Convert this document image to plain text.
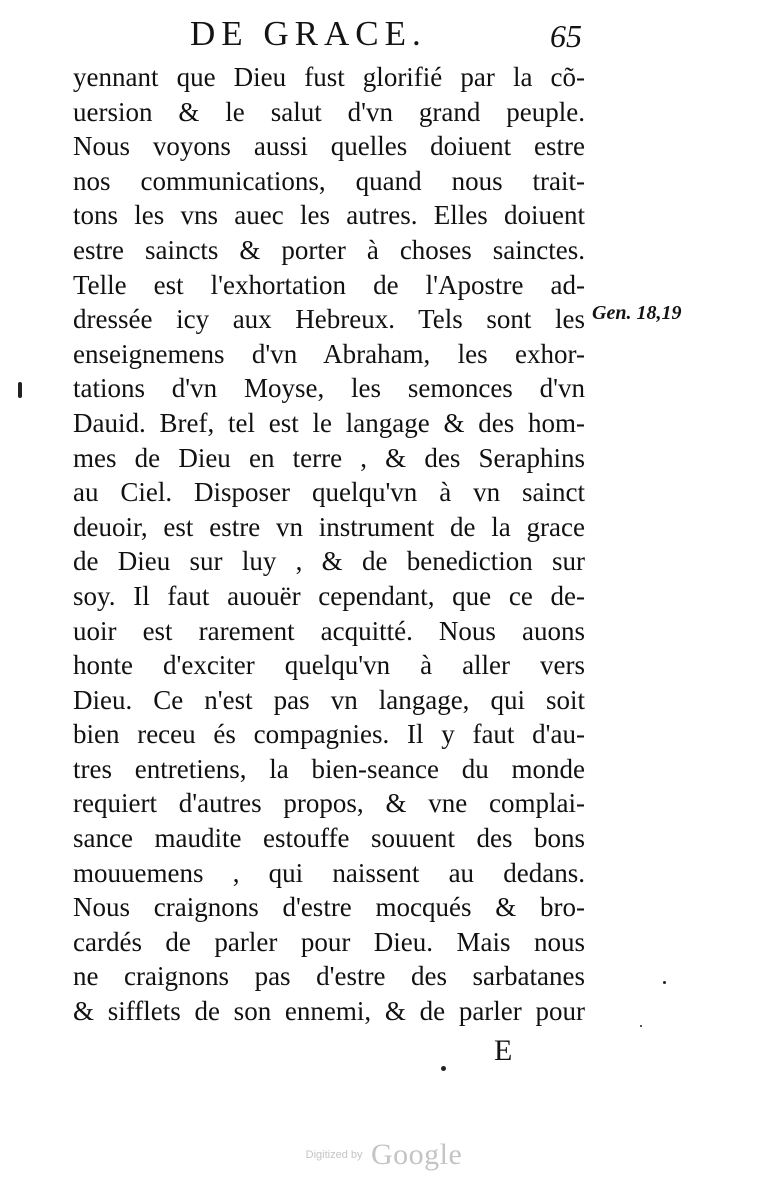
DE GRACE.	65
yennant que Dieu fust glorifié par la cõ-
uersion & le salut d'vn grand peuple.
Nous voyons aussi quelles doiuent estre
nos communications, quand nous trait-
tons les vns auec les autres. Elles doiuent
estre saincts & porter à choses sainctes.
Telle est l'exhortation de l'Apostre ad-
dressée icy aux Hebreux. Tels sont les
enseignemens d'vn Abraham, les exhor-
tations d'vn Moyse, les semonces d'vn
Dauid. Bref, tel est le langage & des hom-
mes de Dieu en terre , & des Seraphins
au Ciel. Disposer quelqu'vn à vn sainct
deuoir, est estre vn instrument de la grace
de Dieu sur luy , & de benediction sur
soy. Il faut auouër cependant, que ce de-
uoir est rarement acquitté. Nous auons
honte d'exciter quelqu'vn à aller vers
Dieu. Ce n'est pas vn langage, qui soit
bien receu és compagnies. Il y faut d'au-
tres entretiens, la bien-seance du monde
requiert d'autres propos, & vne complai-
sance maudite estouffe souuent des bons
mouuemens , qui naissent au dedans.
Nous craignons d'estre mocqués & bro-
cardés de parler pour Dieu. Mais nous
ne craignons pas d'estre des sarbatanes
& sifflets de son ennemi, & de parler pour
Gen. 18,19
E
Digitized by Google
